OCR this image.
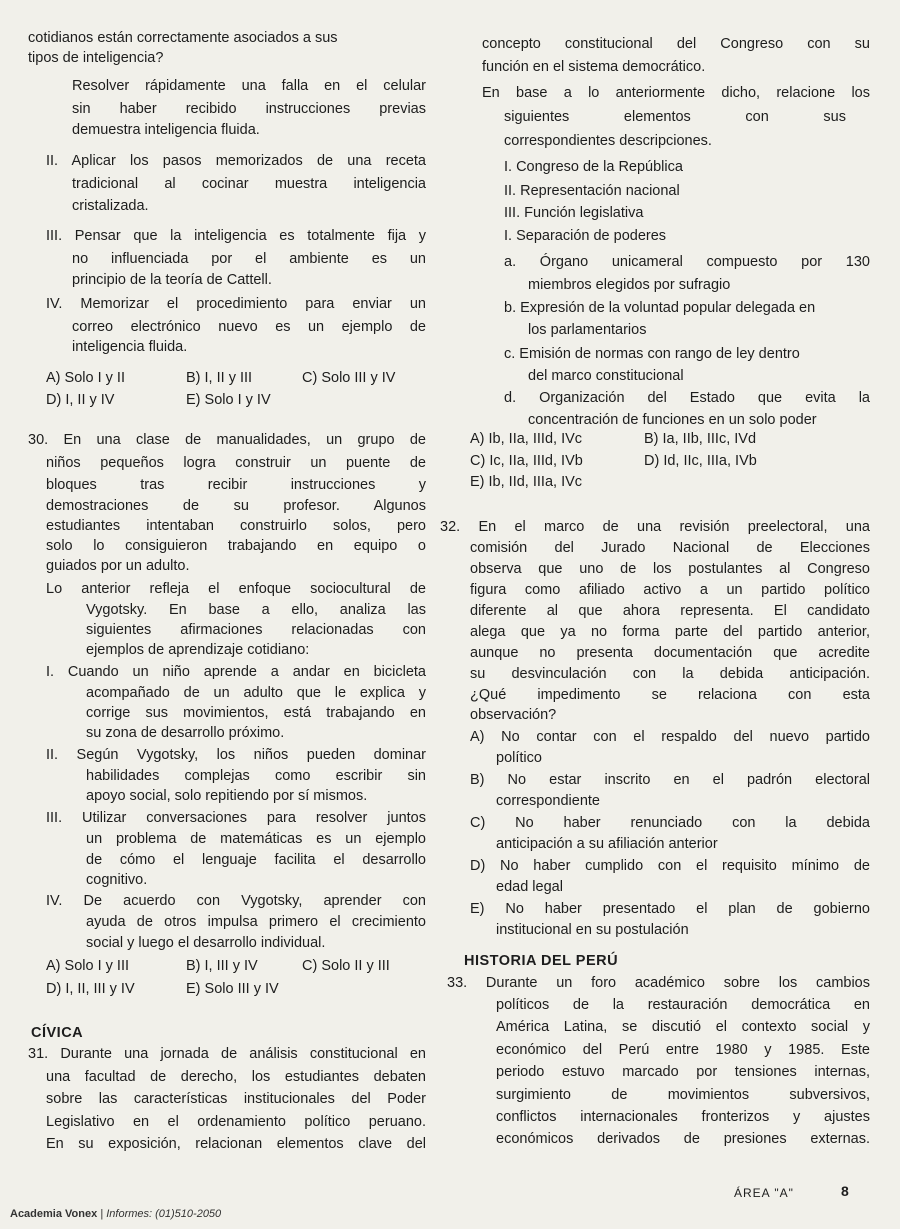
cotidianos están correctamente asociados a sus
tipos de inteligencia?
Resolver rápidamente una falla en el celular
sin haber recibido instrucciones previas
demuestra inteligencia fluida.
II. Aplicar los pasos memorizados de una receta
tradicional al cocinar muestra inteligencia
cristalizada.
III. Pensar que la inteligencia es totalmente fija y
no influenciada por el ambiente es un
principio de la teoría de Cattell.
IV. Memorizar el procedimiento para enviar un
correo electrónico nuevo es un ejemplo de
inteligencia fluida.
A) Solo I y II	B) I, II y III	C) Solo III y IV
D) I, II y IV	E) Solo I y IV
30. En una clase de manualidades, un grupo de
niños pequeños logra construir un puente de
bloques tras recibir instrucciones y
demostraciones de su profesor. Algunos
estudiantes intentaban construirlo solos, pero
solo lo consiguieron trabajando en equipo o
guiados por un adulto.
Lo anterior refleja el enfoque sociocultural de
Vygotsky. En base a ello, analiza las
siguientes afirmaciones relacionadas con
ejemplos de aprendizaje cotidiano:
I. Cuando un niño aprende a andar en bicicleta
acompañado de un adulto que le explica y
corrige sus movimientos, está trabajando en
su zona de desarrollo próximo.
II. Según Vygotsky, los niños pueden dominar
habilidades complejas como escribir sin
apoyo social, solo repitiendo por sí mismos.
III. Utilizar conversaciones para resolver juntos
un problema de matemáticas es un ejemplo
de cómo el lenguaje facilita el desarrollo
cognitivo.
IV. De acuerdo con Vygotsky, aprender con
ayuda de otros impulsa primero el crecimiento
social y luego el desarrollo individual.
A) Solo I y III	B) I, III y IV	C) Solo II y III
D) I, II, III y IV	E) Solo III y IV
CÍVICA
31. Durante una jornada de análisis constitucional en
una facultad de derecho, los estudiantes debaten
sobre las características institucionales del Poder
Legislativo en el ordenamiento político peruano.
En su exposición, relacionan elementos clave del
concepto constitucional del Congreso con su
función en el sistema democrático.
En base a lo anteriormente dicho, relacione los
siguientes elementos con sus
correspondientes descripciones.
I. Congreso de la República
II. Representación nacional
III. Función legislativa
I. Separación de poderes
a. Órgano unicameral compuesto por 130
miembros elegidos por sufragio
b. Expresión de la voluntad popular delegada en
los parlamentarios
c. Emisión de normas con rango de ley dentro
del marco constitucional
d. Organización del Estado que evita la
concentración de funciones en un solo poder
A) Ib, IIa, IIId, IVc	B) Ia, IIb, IIIc, IVd
C) Ic, IIa, IIId, IVb	D) Id, IIc, IIIa, IVb
E) Ib, IId, IIIa, IVc
32. En el marco de una revisión preelectoral, una
comisión del Jurado Nacional de Elecciones
observa que uno de los postulantes al Congreso
figura como afiliado activo a un partido político
diferente al que ahora representa. El candidato
alega que ya no forma parte del partido anterior,
aunque no presenta documentación que acredite
su desvinculación con la debida anticipación.
¿Qué impedimento se relaciona con esta
observación?
A) No contar con el respaldo del nuevo partido
político
B) No estar inscrito en el padrón electoral
correspondiente
C) No haber renunciado con la debida
anticipación a su afiliación anterior
D) No haber cumplido con el requisito mínimo de
edad legal
E) No haber presentado el plan de gobierno
institucional en su postulación
HISTORIA DEL PERÚ
33. Durante un foro académico sobre los cambios
políticos de la restauración democrática en
América Latina, se discutió el contexto social y
económico del Perú entre 1980 y 1985. Este
periodo estuvo marcado por tensiones internas,
surgimiento de movimientos subversivos,
conflictos internacionales fronterizos y ajustes
económicos derivados de presiones externas.
Academia Vonex | Informes: (01)510-2050
ÁREA "A"	8
